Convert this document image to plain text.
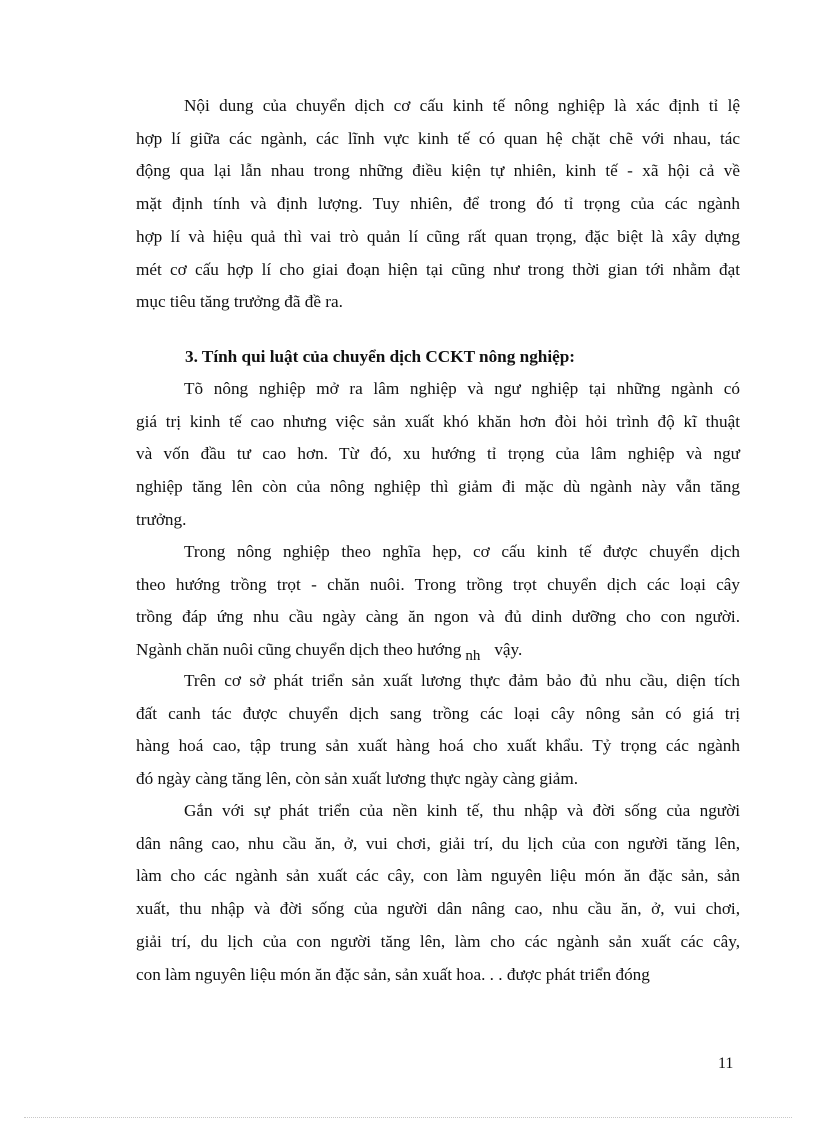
Nội dung của chuyển dịch cơ cấu kinh tế nông nghiệp là xác định tỉ lệ
hợp lí giữa các ngành, các lĩnh vực kinh tế có quan hệ chặt chẽ với nhau, tác
động qua lại lẫn nhau trong những điều kiện tự nhiên, kinh tế - xã hội cả về
mặt định tính và định lượng. Tuy nhiên, để trong đó tỉ trọng của các ngành
hợp lí và hiệu quả thì vai trò quản lí cũng rất quan trọng, đặc biệt là xây dựng
mét cơ cấu hợp lí cho giai đoạn hiện tại cũng như trong thời gian tới nhằm đạt
mục tiêu tăng trưởng đã đề ra.

3. Tính qui luật của chuyển dịch CCKT nông nghiệp:

Tõ nông nghiệp mở ra lâm nghiệp và ngư nghiệp tại những ngành có
giá trị kinh tế cao nhưng việc sản xuất khó khăn hơn đòi hỏi trình độ kĩ thuật
và vốn đầu tư cao hơn. Từ đó, xu hướng tỉ trọng của lâm nghiệp và ngư
nghiệp tăng lên còn của nông nghiệp thì giảm đi mặc dù ngành này vẫn tăng
trưởng.
Trong nông nghiệp theo nghĩa hẹp, cơ cấu kinh tế được chuyển dịch
theo hướng trồng trọt - chăn nuôi. Trong trồng trọt chuyển dịch các loại cây
trồng đáp ứng nhu cầu ngày càng ăn ngon và đủ dinh dưỡng cho con người.
Ngành chăn nuôi cũng chuyển dịch theo hướng nh vậy.
Trên cơ sở phát triển sản xuất lương thực đảm bảo đủ nhu cầu, diện tích
đất canh tác được chuyển dịch sang trồng các loại cây nông sản có giá trị
hàng hoá cao, tập trung sản xuất hàng hoá cho xuất khẩu. Tỷ trọng các ngành
đó ngày càng tăng lên, còn sản xuất lương thực ngày càng giảm.
Gắn với sự phát triển của nền kinh tế, thu nhập và đời sống của người
dân nâng cao, nhu cầu ăn, ở, vui chơi, giải trí, du lịch của con người tăng lên,
làm cho các ngành sản xuất các cây, con làm nguyên liệu món ăn đặc sản, sản
xuất, thu nhập và đời sống của người dân nâng cao, nhu cầu ăn, ở, vui chơi,
giải trí, du lịch của con người tăng lên, làm cho các ngành sản xuất các cây,
con làm nguyên liệu món ăn đặc sản, sản xuất hoa. . . được phát triển đóng

11
